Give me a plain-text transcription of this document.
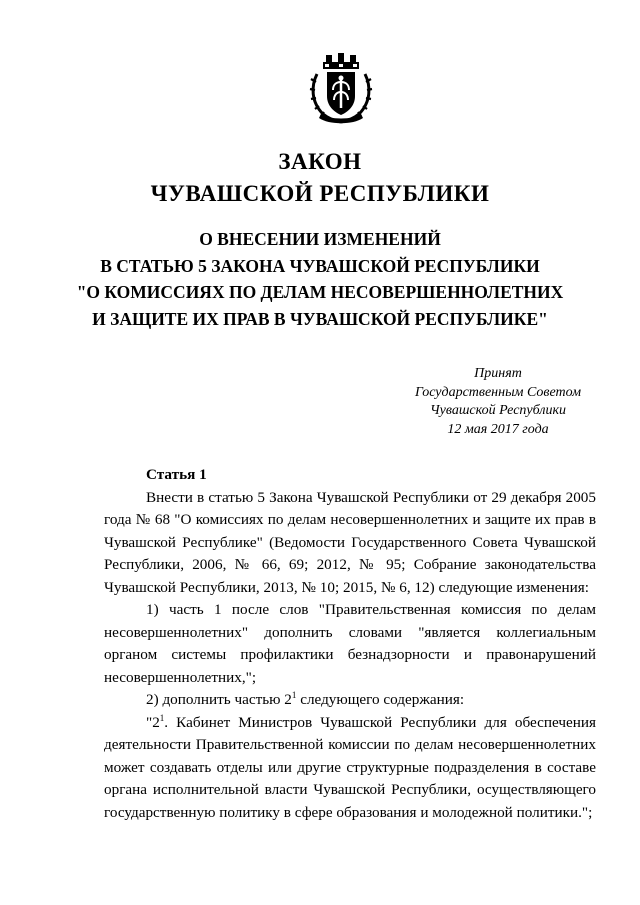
ЗАКОН
ЧУВАШСКОЙ РЕСПУБЛИКИ
О ВНЕСЕНИИ ИЗМЕНЕНИЙ
В СТАТЬЮ 5 ЗАКОНА ЧУВАШСКОЙ РЕСПУБЛИКИ
"О КОМИССИЯХ ПО ДЕЛАМ НЕСОВЕРШЕННОЛЕТНИХ
И ЗАЩИТЕ ИХ ПРАВ В ЧУВАШСКОЙ РЕСПУБЛИКЕ"
Принят
Государственным Советом
Чувашской Республики
12 мая 2017 года

Статья 1

Внести в статью 5 Закона Чувашской Республики от 29 декабря 2005 года № 68 "О комиссиях по делам несовершеннолетних и защите их прав в Чувашской Республике" (Ведомости Государственного Совета Чувашской Республики, 2006, № 66, 69; 2012, № 95; Собрание законодательства Чувашской Республики, 2013, № 10; 2015, № 6, 12) следующие изменения:

1) часть 1 после слов "Правительственная комиссия по делам несовершеннолетних" дополнить словами "является коллегиальным органом системы профилактики безнадзорности и правонарушений несовершеннолетних,";

2) дополнить частью $2^1$ следующего содержания:

"$2^1$. Кабинет Министров Чувашской Республики для обеспечения деятельности Правительственной комиссии по делам несовершеннолетних может создавать отделы или другие структурные подразделения в составе органа исполнительной власти Чувашской Республики, осуществляющего государственную политику в сфере образования и молодежной политики.";
